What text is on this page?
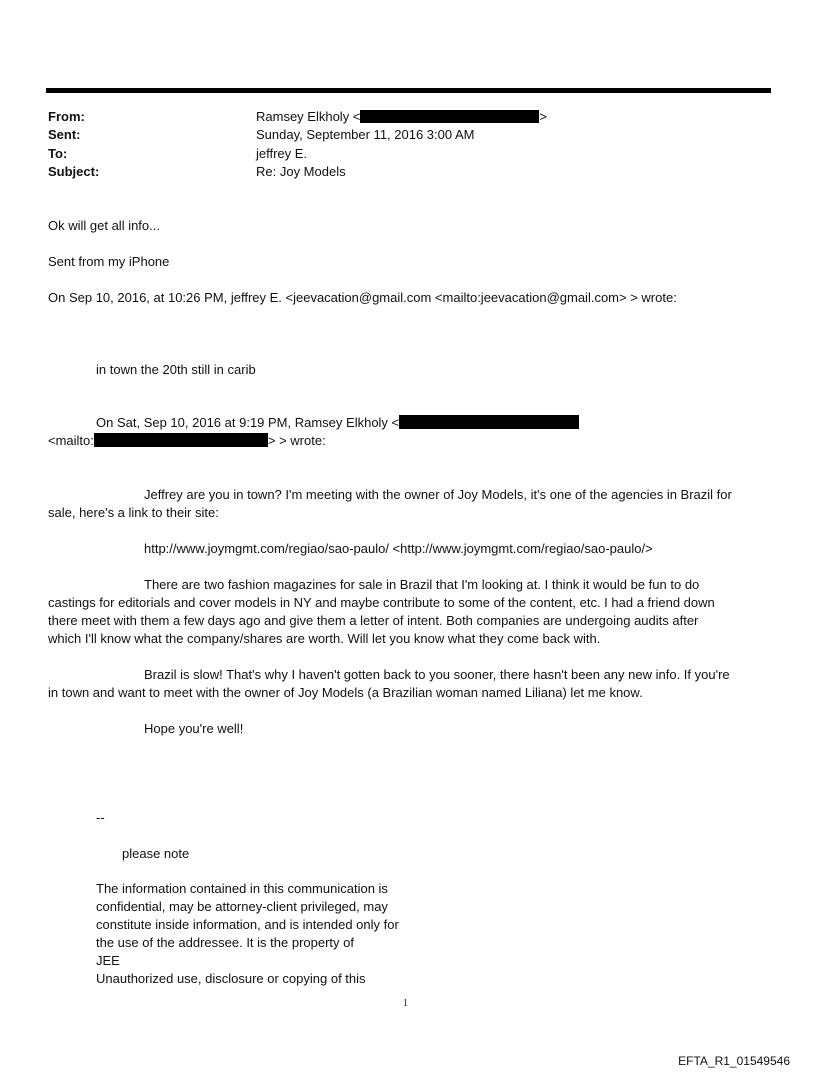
From:	Ramsey Elkholy <	>
Sent:	Sunday, September 11, 2016 3:00 AM
To:	jeffrey E.
Subject:	Re: Joy Models
Ok will get all info...
Sent from my iPhone
On Sep 10, 2016, at 10:26 PM, jeffrey E. <jeevacation@gmail.com <mailto:jeevacation@gmail.com> > wrote:
in town the 20th still in carib
On Sat, Sep 10, 2016 at 9:19 PM, Ramsey Elkholy <
<mailto:	> > wrote:
Jeffrey are you in town? I'm meeting with the owner of Joy Models, it's one of the agencies in Brazil for
sale, here's a link to their site:
http://www.joymgmt.com/regiao/sao-paulo/ <http://www.joymgmt.com/regiao/sao-paulo/>
There are two fashion magazines for sale in Brazil that I'm looking at. I think it would be fun to do
castings for editorials and cover models in NY and maybe contribute to some of the content, etc. I had a friend down
there meet with them a few days ago and give them a letter of intent. Both companies are undergoing audits after
which I'll know what the company/shares are worth. Will let you know what they come back with.
Brazil is slow! That's why I haven't gotten back to you sooner, there hasn't been any new info. If you're
in town and want to meet with the owner of Joy Models (a Brazilian woman named Liliana) let me know.
Hope you're well!
--
please note
The information contained in this communication is
confidential, may be attorney-client privileged, may
constitute inside information, and is intended only for
the use of the addressee. It is the property of
JEE
Unauthorized use, disclosure or copying of this
1
EFTA_R1_01549546
